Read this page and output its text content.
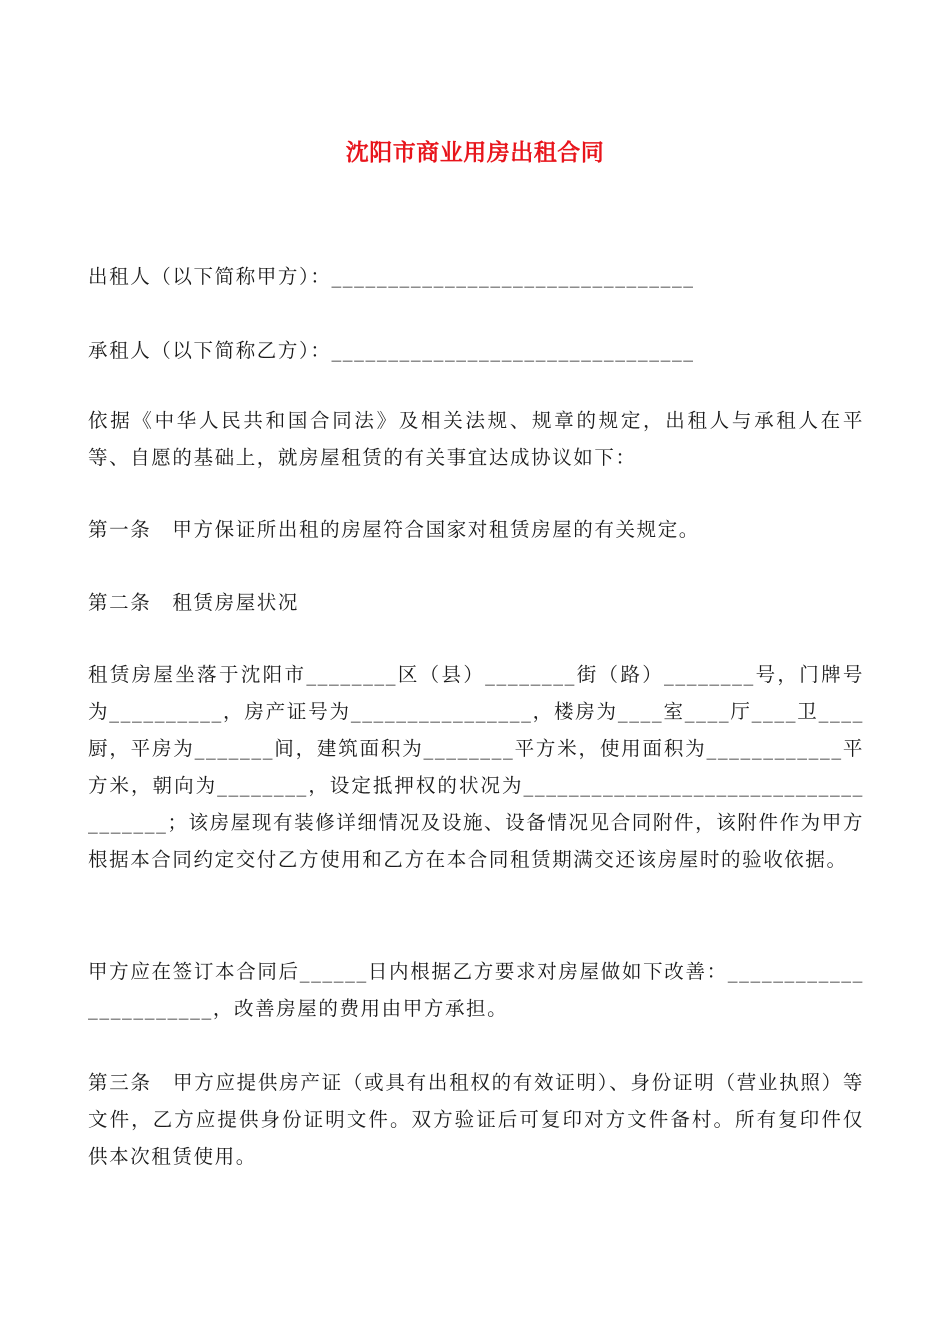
沈阳市商业用房出租合同

出租人（以下简称甲方）：________________________________

承租人（以下简称乙方）：________________________________

依据《中华人民共和国合同法》及相关法规、规章的规定，出租人与承租人在平等、自愿的基础上，就房屋租赁的有关事宜达成协议如下：

第一条　甲方保证所出租的房屋符合国家对租赁房屋的有关规定。

第二条　租赁房屋状况

租赁房屋坐落于沈阳市________区（县）________街（路）________号，门牌号为__________，房产证号为________________，楼房为____室____厅____卫____厨，平房为_______间，建筑面积为________平方米，使用面积为____________平方米，朝向为________，设定抵押权的状况为_____________________________________；该房屋现有装修详细情况及设施、设备情况见合同附件，该附件作为甲方根据本合同约定交付乙方使用和乙方在本合同租赁期满交还该房屋时的验收依据。

甲方应在签订本合同后______日内根据乙方要求对房屋做如下改善：_______________________，改善房屋的费用由甲方承担。

第三条　甲方应提供房产证（或具有出租权的有效证明）、身份证明（营业执照）等文件，乙方应提供身份证明文件。双方验证后可复印对方文件备村。所有复印件仅供本次租赁使用。
